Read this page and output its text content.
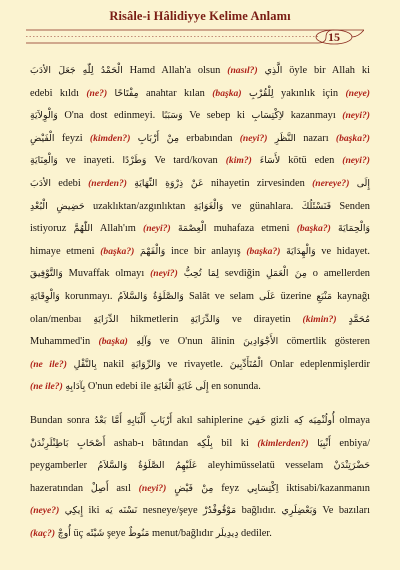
Risâle-i Hâlidiyye Kelime Anlamı
15
جَعَلَ الأدَبَ الْحَمْدُ لِلّٰهِ Hamd Allah'a olsun (nasıl?) الَّذِي öyle bir Allah ki
edebi kıldı (ne?) مِفْتَاحًا anahtar kılan (başka) لِلْقُرْبِ yakınlık için (neye)
وَالْوِلاَيَةِ O'na dost edinmeyi. وَسَبَبًا Ve sebep ki لاِكْتِسَابِ kazanmayı (neyi?)
الْفَيْضِ feyzi (kimden?) مِنْ أَرْبَابِ erbabından (neyi?) النَّظَرِ nazarı (başka?)
وَالْعِنَايَةِ ve inayeti. وَطَرْدًا Ve tard/kovan (kim?) لأَسَاءَ kötü eden (neyi?)
الأدَبَ edebi (nerden?) عَنْ ذِرْوَةِ النِّهَايَةِ nihayetin zirvesinden (nereye?) إِلَى
حَضِيضِ الْبُعْدِ uzaklıktan/azgınlıktan وَالْغَوَايَةِ ve günahlara. فَنَسْئَلُكَ Senden
istiyoruz اللّٰهُمَّ Allah'ım (neyi?) الْعِصْمَةَ muhafaza etmeni (başka?) وَالْحِمَايَةَ
himaye etmeni (başka?) وَالْفَهْمَ ince bir anlayış (başka?) وَالْهِدَايَةَ ve hidayet.
وَالتَّوْفِيقَ Muvaffak olmayı (neyi?) لِمَا تُحِبُّ sevdiğin مِنَ الْعَمَلِ o amellerden
وَالْوِقَايَةِ korunmayı. وَالصَّلَوٰةُ وَالسَّلاَمُ Salât ve selam عَلَى üzerine مَنْبَعِ kaynağı
olan/menbaı الدِّرَايَةِ hikmetlerin وَالدِّرَايَةِ ve dirayetin (kimin?) مُحَمَّدٍ
Muhammed'in (başka) وَآلِهِ ve O'nun âlinin الأَجْوَادِينَ cömertlik gösteren
(ne ile?) بِالنَّقْلِ nakil وَالرِّوَايَةِ ve rivayetle. الْمُتَأَدِّبِينَ Onlar edeplenmişlerdir
(ne ile?) بِآدَابِهِ O'nun edebi ile إِلَى غَايَةِ الْغَايَةِ en sonunda.
Bundan sonra أَمَّا بَعْدُ أَرْبَابِ أَلْبَابِهِ akıl sahiplerine خَفِيَ gizli أُولُنْمِيَه كِه olmaya
بَاطِنْلَرِنْدَنْ أَصْحَابِ ashab-ı bâtından بِلْكِه bil ki (kimlerden?) أَنْبِيَا enbiya/
peygamberler عَلَيْهِمُ الصَّلَوٰةُ وَالسَّلاَمُ aleyhimüsselatü vesselam حَضْرَتِنْدَنْ
hazeratından أَصِلْ asıl (neyi?) مِنْ فَيْضٍ feyz اِكْتِسَابِي iktisabi/kazanmanın
(neye?) إِيكِي iki نَسْنَه يَه nesneye/şeye مَوْقُوفْدُرْ bağlıdır. وَبَعْضِلَرِي Ve bazıları
(kaç?) أُوچْ üç شَيْئَه şeye مَنُوطٌ menut/bağlıdır دِيدِيلَر dediler.
